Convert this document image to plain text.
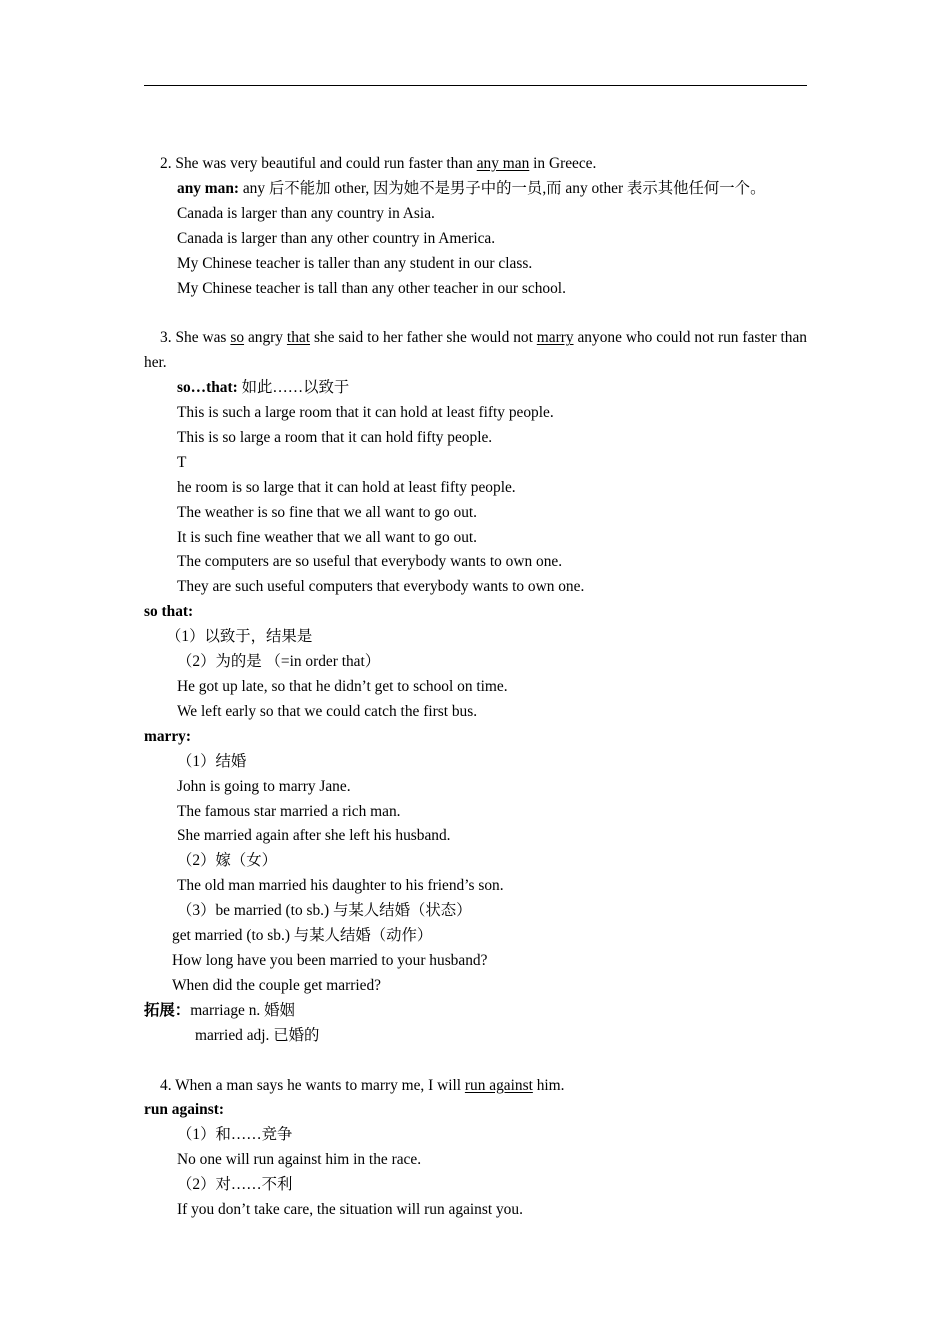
2. She was very beautiful and could run faster than any man in Greece.

any man: any 后不能加 other, 因为她不是男子中的一员,而 any other 表示其他任何一个。

Canada is larger than any country in Asia.

Canada is larger than any other country in America.

My Chinese teacher is taller than any student in our class.

My Chinese teacher is tall than any other teacher in our school.

3. She was so angry that she said to her father she would not marry anyone who could not run faster than her.

so…that: 如此……以致于

This is such a large room that it can hold at least fifty people.

This is so large a room that it can hold fifty people.

T

he room is so large that it can hold at least fifty people.

The weather is so fine that we all want to go out.

It is such fine weather that we all want to go out.

The computers are so useful that everybody wants to own one.

They are such useful computers that everybody wants to own one.

so that:

（1）以致于，结果是

（2）为的是 （=in order that）

He got up late, so that he didn’t get to school on time.

We left early so that we could catch the first bus.

marry:

（1）结婚

John is going to marry Jane.

The famous star married a rich man.

She married again after she left his husband.

（2）嫁（女）

The old man married his daughter to his friend’s son.

（3）be married (to sb.) 与某人结婚（状态）

get married (to sb.) 与某人结婚（动作）

How long have you been married to your husband?

When did the couple get married?

拓展：marriage n. 婚姻

married adj. 已婚的

4. When a man says he wants to marry me, I will run against him.

run against:

（1）和……竞争

No one will run against him in the race.

（2）对……不利

If you don’t take care, the situation will run against you.
